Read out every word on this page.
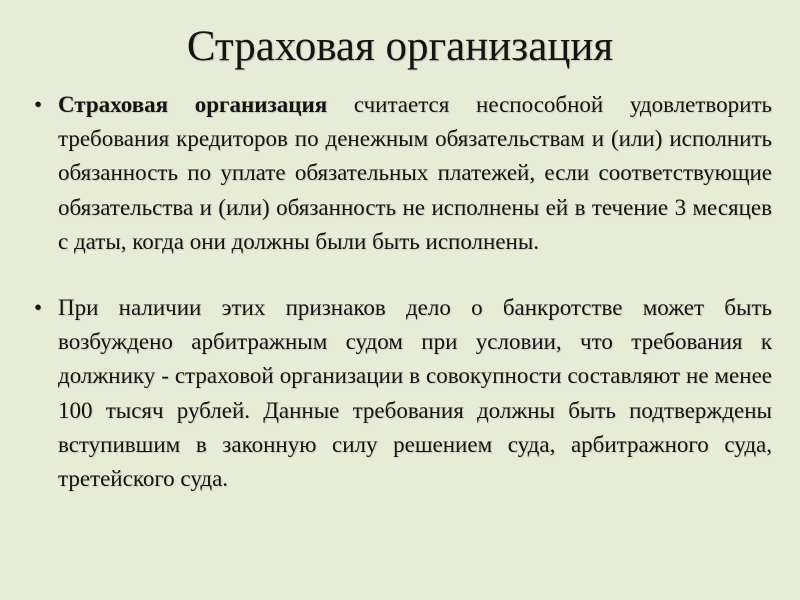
Страховая организация
• Страховая организация считается неспособной удовлетворить требования кредиторов по денежным обязательствам и (или) исполнить обязанность по уплате обязательных платежей, если соответствующие обязательства и (или) обязанность не исполнены ей в течение 3 месяцев с даты, когда они должны были быть исполнены.
• При наличии этих признаков дело о банкротстве может быть возбуждено арбитражным судом при условии, что требования к должнику - страховой организации в совокупности составляют не менее 100 тысяч рублей. Данные требования должны быть подтверждены вступившим в законную силу решением суда, арбитражного суда, третейского суда.
